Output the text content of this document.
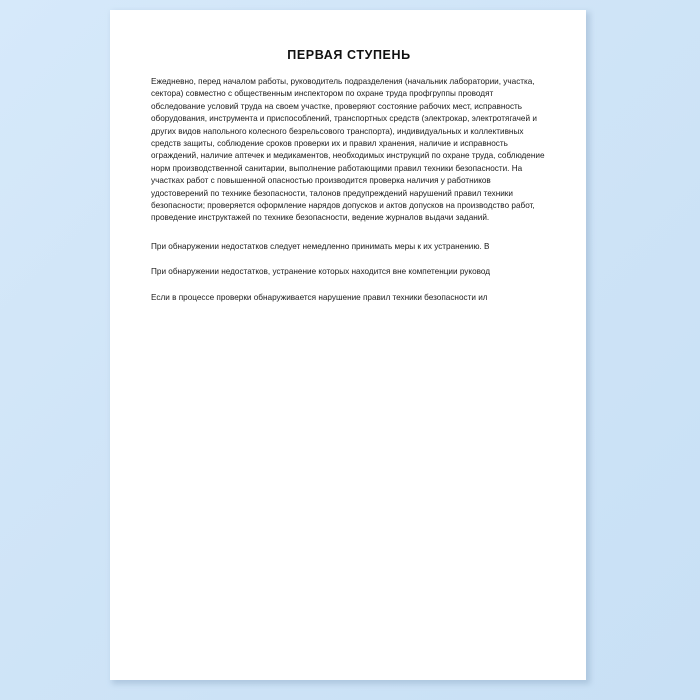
ПЕРВАЯ СТУПЕНЬ

Ежедневно, перед началом работы, руководитель подразделения (начальник лаборатории, участка, сектора) совместно с общественным инспектором по охране труда профгруппы проводят обследование условий труда на своем участке, проверяют состояние рабочих мест, исправность оборудования, инструмента и приспособлений, транспортных средств (электрокар, электротягачей и других видов напольного колесного безрельсового транспорта), индивидуальных и коллективных средств защиты, соблюдение сроков проверки их и правил хранения, наличие и исправность ограждений, наличие аптечек и медикаментов, необходимых инструкций по охране труда, соблюдение норм производственной санитарии, выполнение работающими правил техники безопасности. На участках работ с повышенной опасностью производится проверка наличия у работников удостоверений по технике безопасности, талонов предупреждений нарушений правил техники безопасности; проверяется оформление нарядов допусков и актов допусков на производство работ, проведение инструктажей по технике безопасности, ведение журналов выдачи заданий.

При обнаружении недостатков следует немедленно принимать меры к их устранению. В

При обнаружении недостатков, устранение которых находится вне компетенции руковод

Если в процессе проверки обнаруживается нарушение правил техники безопасности ил
